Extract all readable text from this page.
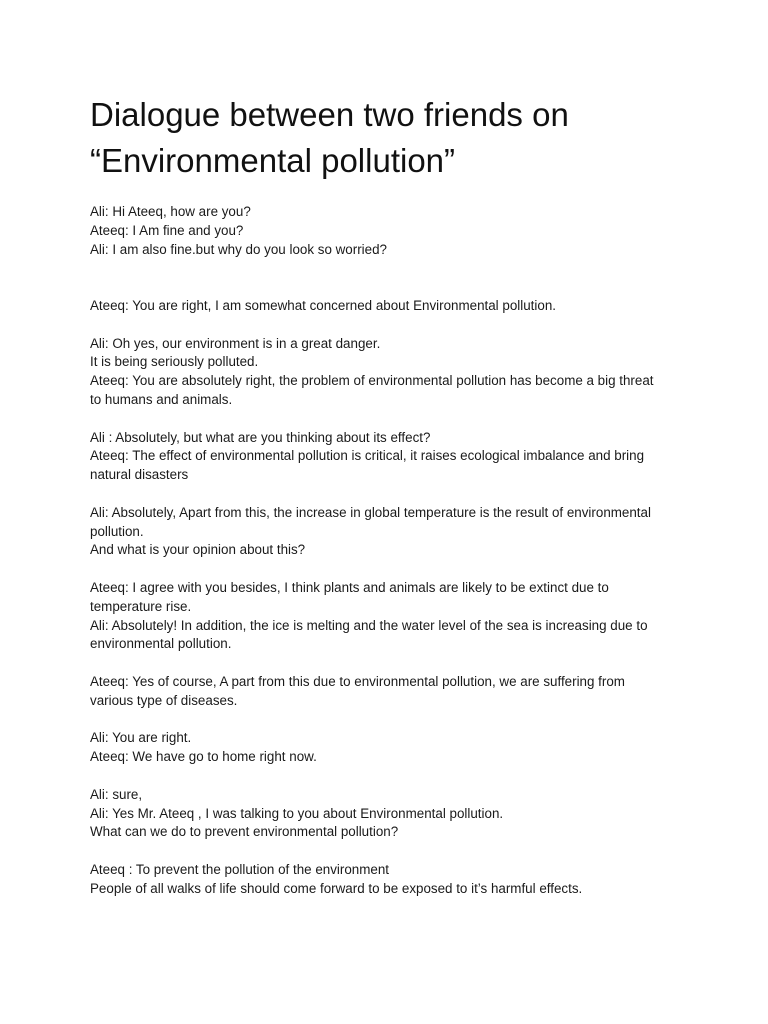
Dialogue between two friends on
“Environmental pollution”

Ali: Hi Ateeq, how are you?
Ateeq: I Am fine and you?
Ali: I am also fine.but why do you look so worried?

Ateeq: You are right, I am somewhat concerned about Environmental pollution.

Ali: Oh yes, our environment is in a great danger.
It is being seriously polluted.
Ateeq: You are absolutely right, the problem of environmental pollution has become a big threat
to humans and animals.

Ali : Absolutely, but what are you thinking about its effect?
Ateeq: The effect of environmental pollution is critical, it raises ecological imbalance and bring
natural disasters

Ali: Absolutely, Apart from this, the increase in global temperature is the result of environmental
pollution.
And what is your opinion about this?

Ateeq: I agree with you besides, I think plants and animals are likely to be extinct due to
temperature rise.
Ali: Absolutely! In addition, the ice is melting and the water level of the sea is increasing due to
environmental pollution.

Ateeq: Yes of course, A part from this due to environmental pollution, we are suffering from
various type of diseases.

Ali: You are right.
Ateeq: We have go to home right now.

Ali: sure,
Ali: Yes Mr. Ateeq , I was talking to you about Environmental pollution.
What can we do to prevent environmental pollution?

Ateeq : To prevent the pollution of the environment
People of all walks of life should come forward to be exposed to it’s harmful effects.
